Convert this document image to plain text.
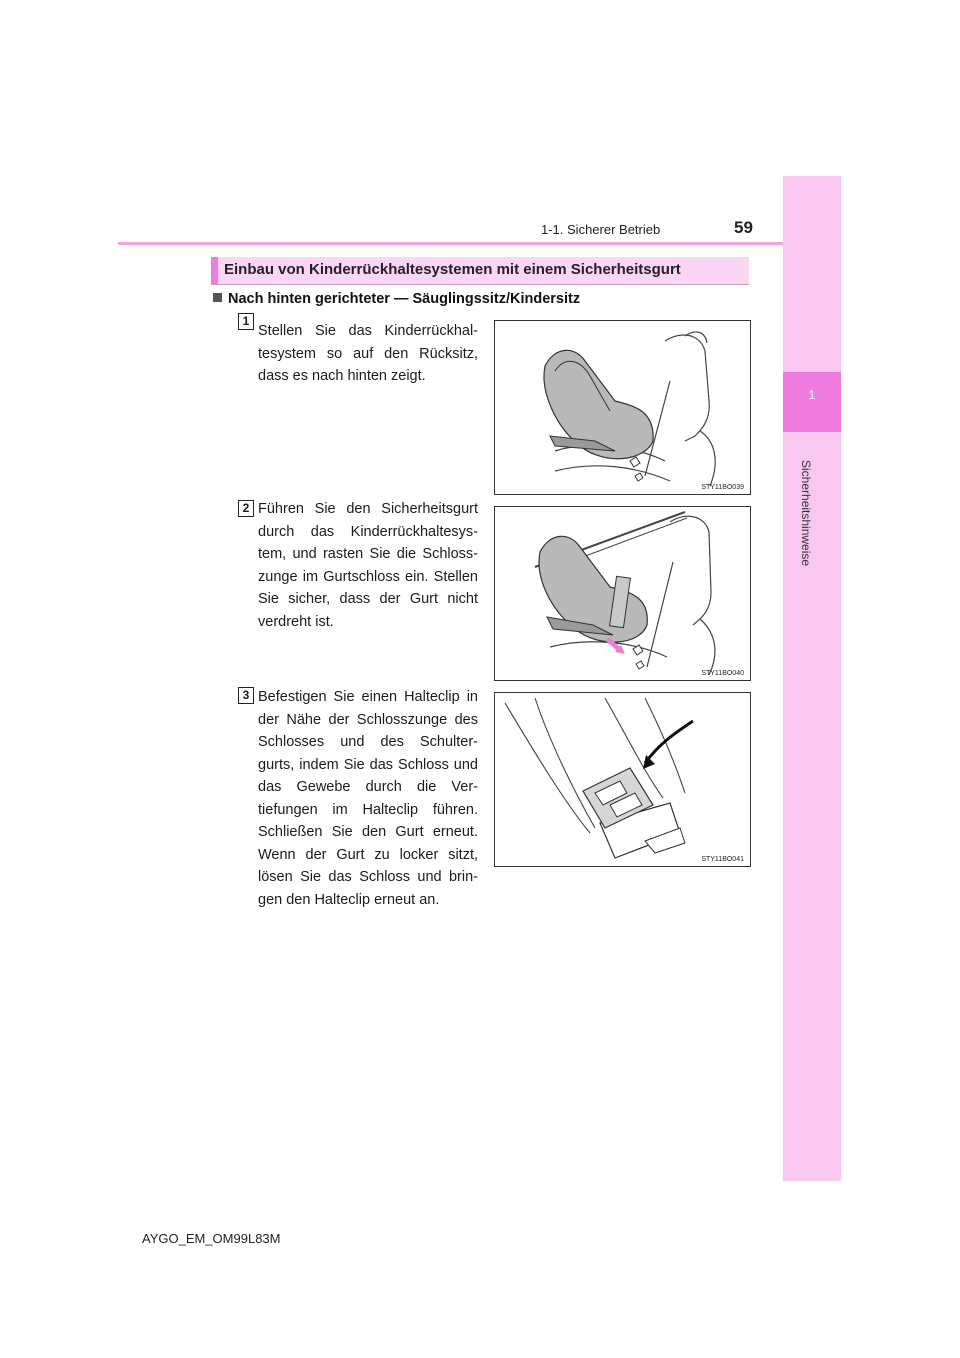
1
Sicherheitshinweise
1-1. Sicherer Betrieb	59
Einbau von Kinderrückhaltesystemen mit einem Sicherheitsgurt
Nach hinten gerichteter — Säuglingssitz/Kindersitz
1
Stellen Sie das Kinderrückhal- tesystem so auf den Rücksitz, dass es nach hinten zeigt.
STY11BO039
2 Führen Sie den Sicherheitsgurt durch das Kinderrückhaltesys- tem, und rasten Sie die Schloss- zunge im Gurtschloss ein. Stellen Sie sicher, dass der Gurt nicht verdreht ist.
STY11BO040
3 Befestigen Sie einen Halteclip in der Nähe der Schlosszunge des Schlosses und des Schulter- gurts, indem Sie das Schloss und das Gewebe durch die Ver- tiefungen im Halteclip führen. Schließen Sie den Gurt erneut. Wenn der Gurt zu locker sitzt, lösen Sie das Schloss und brin- gen den Halteclip erneut an.
STY11BO041
AYGO_EM_OM99L83M
